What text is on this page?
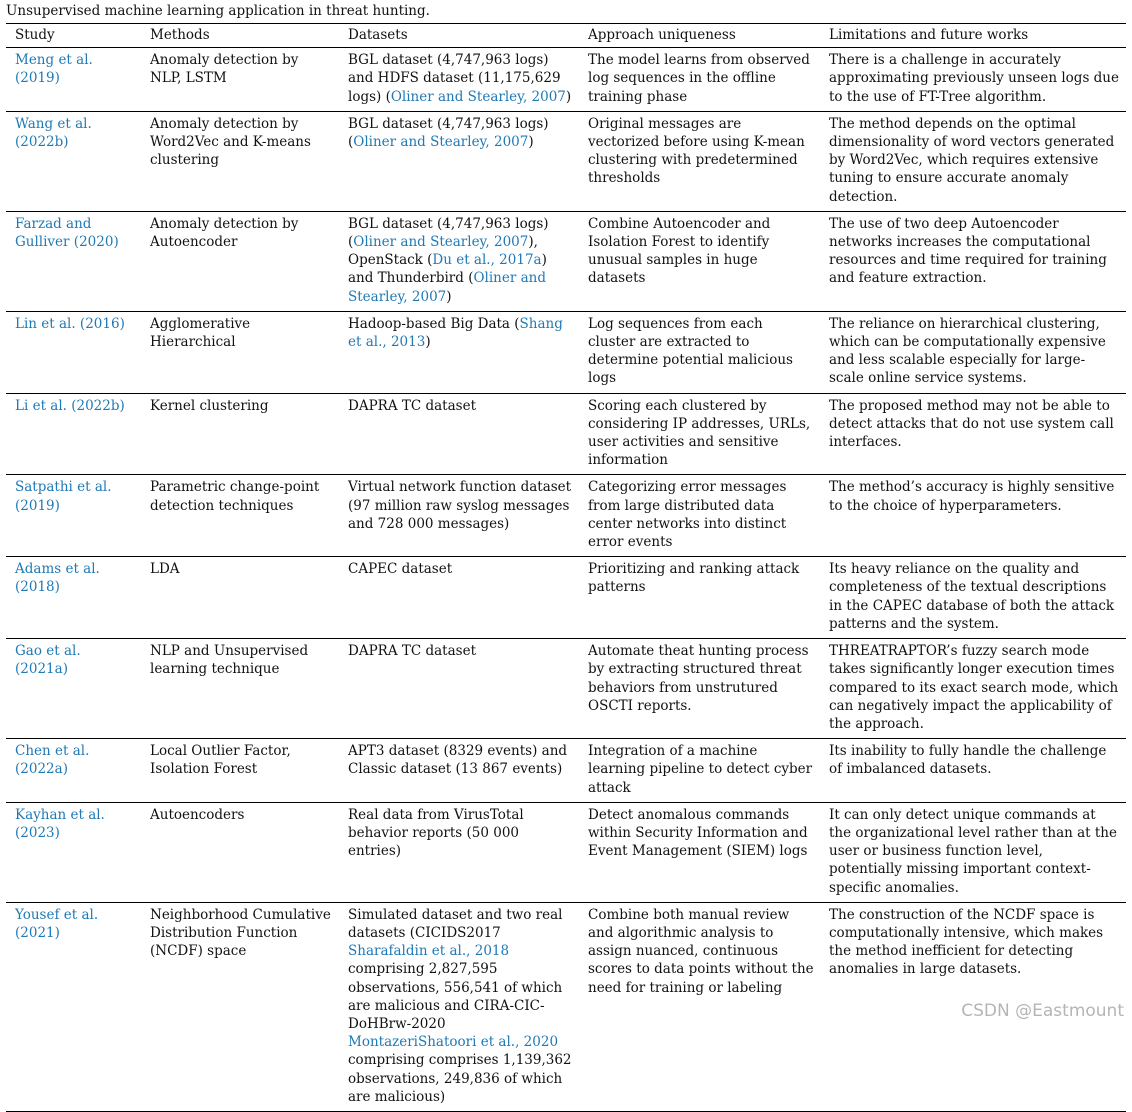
Unsupervised machine learning application in threat hunting.
Study	Methods	Datasets	Approach uniqueness	Limitations and future works
Meng et al.
(2019)	Anomaly detection by NLP, LSTM	BGL dataset (4,747,963 logs) and HDFS dataset (11,175,629 logs) (Oliner and Stearley, 2007)	The model learns from observed log sequences in the offline training phase	There is a challenge in accurately approximating previously unseen logs due to the use of FT-Tree algorithm.
Wang et al.
(2022b)	Anomaly detection by Word2Vec and K-means clustering	BGL dataset (4,747,963 logs) (Oliner and Stearley, 2007)	Original messages are vectorized before using K-mean clustering with predetermined thresholds	The method depends on the optimal dimensionality of word vectors generated by Word2Vec, which requires extensive tuning to ensure accurate anomaly detection.
Farzad and Gulliver (2020)	Anomaly detection by Autoencoder	BGL dataset (4,747,963 logs) (Oliner and Stearley, 2007), OpenStack (Du et al., 2017a) and Thunderbird (Oliner and Stearley, 2007)	Combine Autoencoder and Isolation Forest to identify unusual samples in huge datasets	The use of two deep Autoencoder networks increases the computational resources and time required for training and feature extraction.
Lin et al. (2016)	Agglomerative Hierarchical	Hadoop-based Big Data (Shang et al., 2013)	Log sequences from each cluster are extracted to determine potential malicious logs	The reliance on hierarchical clustering, which can be computationally expensive and less scalable especially for large-scale online service systems.
Li et al. (2022b)	Kernel clustering	DAPRA TC dataset	Scoring each clustered by considering IP addresses, URLs, user activities and sensitive information	The proposed method may not be able to detect attacks that do not use system call interfaces.
Satpathi et al.
(2019)	Parametric change-point detection techniques	Virtual network function dataset (97 million raw syslog messages and 728 000 messages)	Categorizing error messages from large distributed data center networks into distinct error events	The method’s accuracy is highly sensitive to the choice of hyperparameters.
Adams et al.
(2018)	LDA	CAPEC dataset	Prioritizing and ranking attack patterns	Its heavy reliance on the quality and completeness of the textual descriptions in the CAPEC database of both the attack patterns and the system.
Gao et al.
(2021a)	NLP and Unsupervised learning technique	DAPRA TC dataset	Automate theat hunting process by extracting structured threat behaviors from unstrutured OSCTI reports.	THREATRAPTOR’s fuzzy search mode takes significantly longer execution times compared to its exact search mode, which can negatively impact the applicability of the approach.
Chen et al.
(2022a)	Local Outlier Factor, Isolation Forest	APT3 dataset (8329 events) and Classic dataset (13 867 events)	Integration of a machine learning pipeline to detect cyber attack	Its inability to fully handle the challenge of imbalanced datasets.
Kayhan et al.
(2023)	Autoencoders	Real data from VirusTotal behavior reports (50 000 entries)	Detect anomalous commands within Security Information and Event Management (SIEM) logs	It can only detect unique commands at the organizational level rather than at the user or business function level, potentially missing important context-specific anomalies.
Yousef et al.
(2021)	Neighborhood Cumulative Distribution Function (NCDF) space	Simulated dataset and two real datasets (CICIDS2017 Sharafaldin et al., 2018 comprising 2,827,595 observations, 556,541 of which are malicious and CIRA-CIC-DoHBrw-2020 MontazeriShatoori et al., 2020 comprising comprises 1,139,362 observations, 249,836 of which are malicious)	Combine both manual review and algorithmic analysis to assign nuanced, continuous scores to data points without the need for training or labeling	The construction of the NCDF space is computationally intensive, which makes the method inefficient for detecting anomalies in large datasets.
CSDN @Eastmount
